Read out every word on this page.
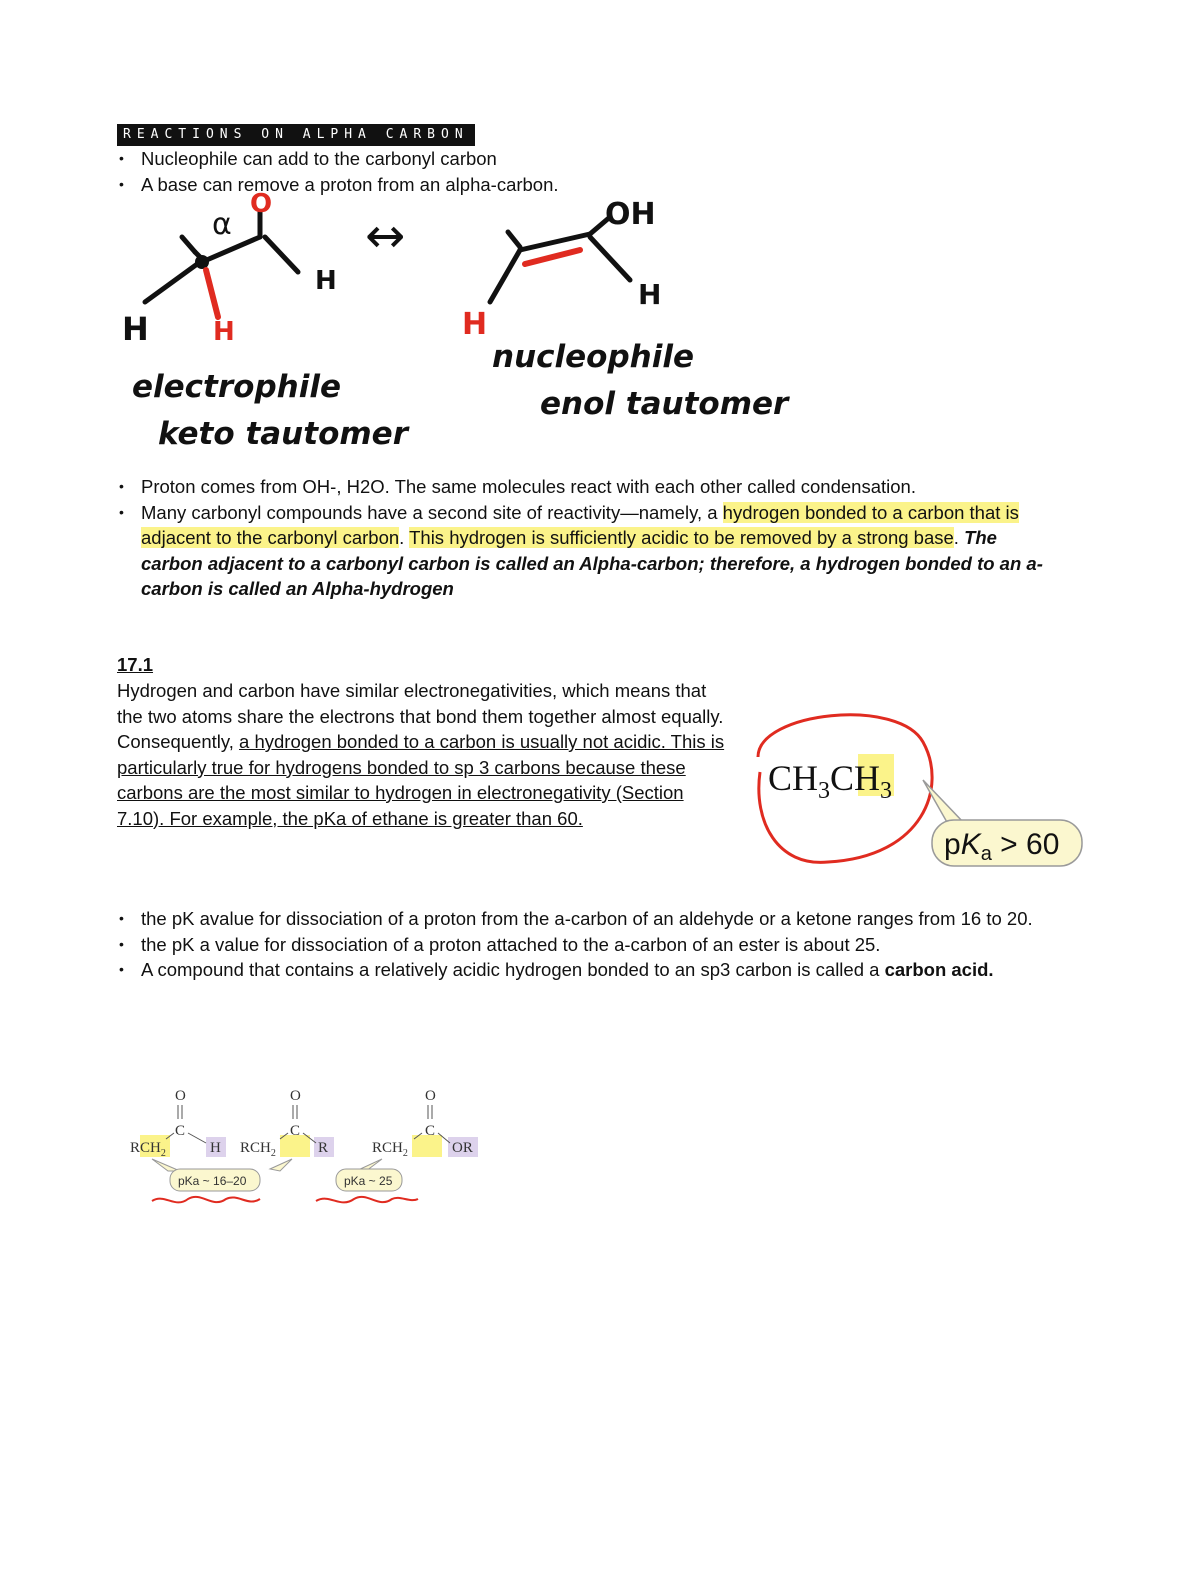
REACTIONS ON ALPHA CARBON
• Nucleophile can add to the carbonyl carbon
• A base can remove a proton from an alpha-carbon.
α
O
H
H H
↔	OH
H
H
electrophile
keto tautomer
nucleophile
enol tautomer
• Proton comes from OH-, H2O. The same molecules react with each other called condensation.
• Many carbonyl compounds have a second site of reactivity—namely, a hydrogen bonded to a carbon that is adjacent to the carbonyl carbon. This hydrogen is sufficiently acidic to be removed by a strong base. The carbon adjacent to a carbonyl carbon is called an Alpha-carbon; therefore, a hydrogen bonded to an a-carbon is called an Alpha-hydrogen
17.1
Hydrogen and carbon have similar electronegativities, which means that the two atoms share the electrons that bond them together almost equally. Consequently, a hydrogen bonded to a carbon is usually not acidic. This is particularly true for hydrogens bonded to sp 3 carbons because these carbons are the most similar to hydrogen in electronegativity (Section 7.10). For example, the pKa of ethane is greater than 60.
$CH_3CH_3$
$pK_a > 60$
• the pK avalue for dissociation of a proton from the a-carbon of an aldehyde or a ketone ranges from 16 to 20.
• the pK a value for dissociation of a proton attached to the a-carbon of an ester is about 25.
• A compound that contains a relatively acidic hydrogen bonded to an sp3 carbon is called a carbon acid.
O
C
$RCH_2$	H
O
C
$RCH_2$	R
O
C
$RCH_2$	OR
pKa ~ 16–20	pKa ~ 25
